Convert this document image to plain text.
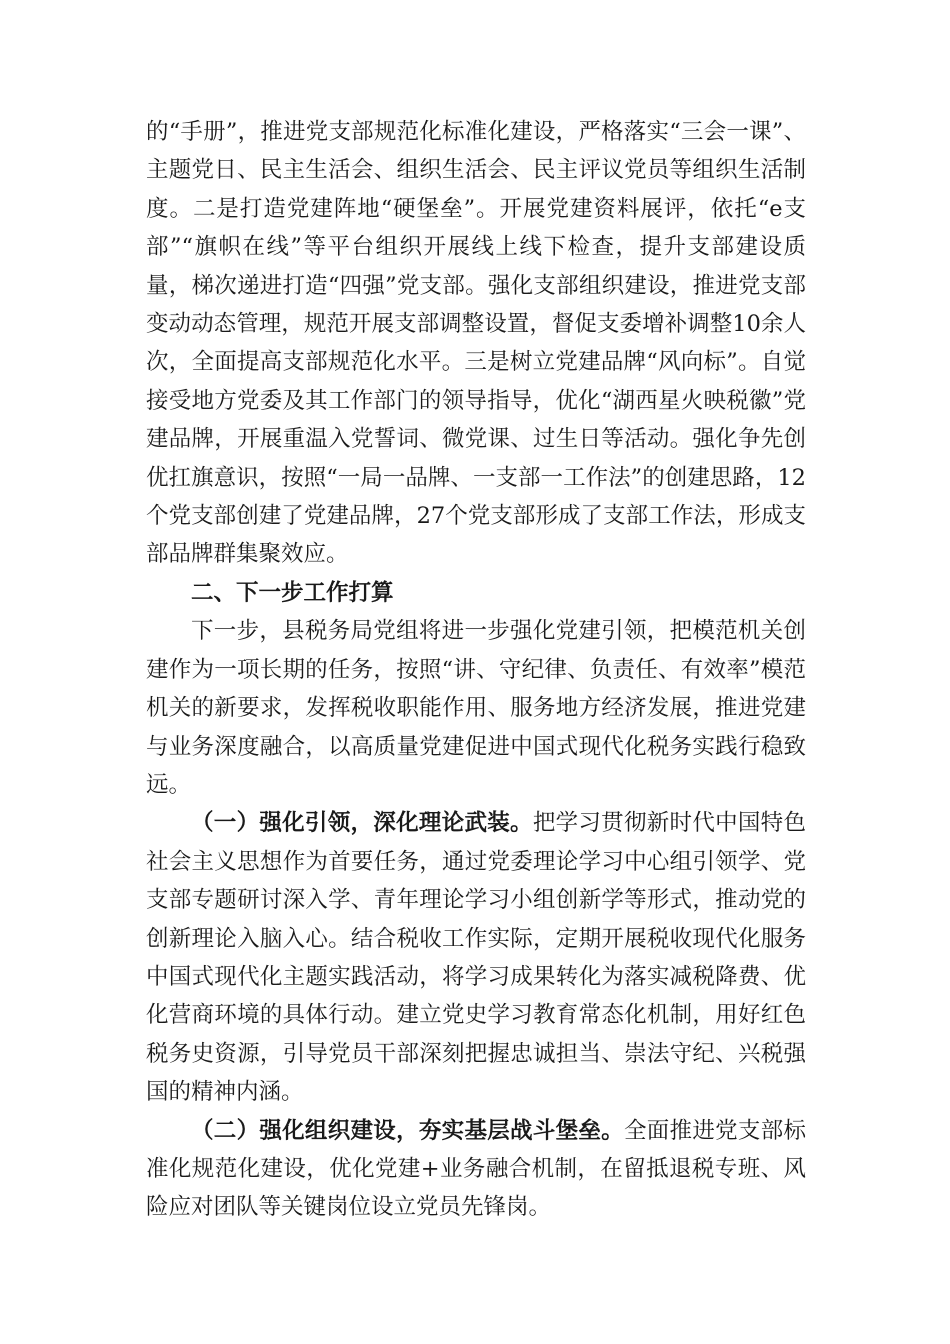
的“手册”，推进党支部规范化标准化建设，严格落实“三会一课”、主题党日、民主生活会、组织生活会、民主评议党员等组织生活制度。二是打造党建阵地“硬堡垒”。开展党建资料展评，依托“e支部”“旗帜在线”等平台组织开展线上线下检查，提升支部建设质量，梯次递进打造“四强”党支部。强化支部组织建设，推进党支部变动动态管理，规范开展支部调整设置，督促支委增补调整10余人次，全面提高支部规范化水平。三是树立党建品牌“风向标”。自觉接受地方党委及其工作部门的领导指导，优化“湖西星火映税徽”党建品牌，开展重温入党誓词、微党课、过生日等活动。强化争先创优扛旗意识，按照“一局一品牌、一支部一工作法”的创建思路，12个党支部创建了党建品牌，27个党支部形成了支部工作法，形成支部品牌群集聚效应。

二、下一步工作打算

下一步，县税务局党组将进一步强化党建引领，把模范机关创建作为一项长期的任务，按照“讲、守纪律、负责任、有效率”模范机关的新要求，发挥税收职能作用、服务地方经济发展，推进党建与业务深度融合，以高质量党建促进中国式现代化税务实践行稳致远。

（一）强化引领，深化理论武装。把学习贯彻新时代中国特色社会主义思想作为首要任务，通过党委理论学习中心组引领学、党支部专题研讨深入学、青年理论学习小组创新学等形式，推动党的创新理论入脑入心。结合税收工作实际，定期开展税收现代化服务中国式现代化主题实践活动，将学习成果转化为落实减税降费、优化营商环境的具体行动。建立党史学习教育常态化机制，用好红色税务史资源，引导党员干部深刻把握忠诚担当、崇法守纪、兴税强国的精神内涵。

（二）强化组织建设，夯实基层战斗堡垒。全面推进党支部标准化规范化建设，优化党建+业务融合机制，在留抵退税专班、风险应对团队等关键岗位设立党员先锋岗。
